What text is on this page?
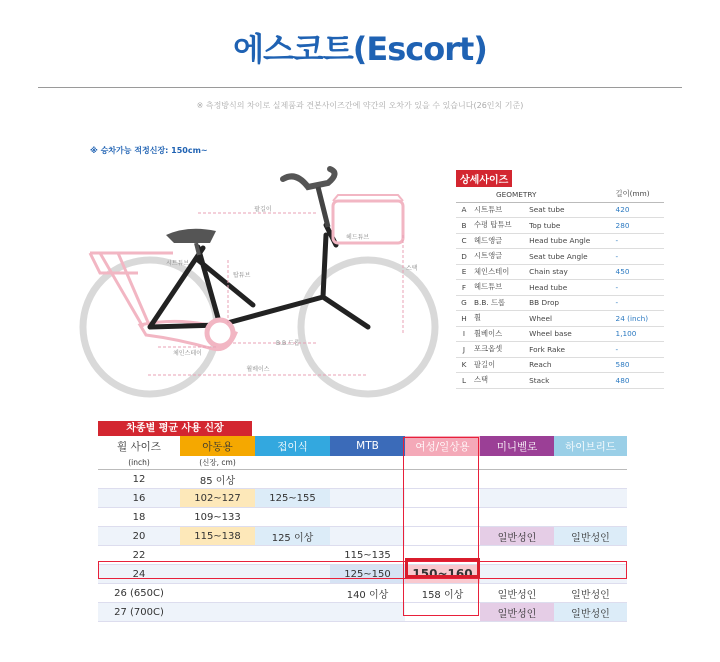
에스코트(Escort)
※ 측정방식의 차이로 실제품과 견본사이즈간에 약간의 오차가 있을 수 있습니다(26인치 기준)
※ 승차가능 적정신장: 150cm~
팔길이
헤드튜브
시트튜브
탑튜브
스택
체인스테이
B.B.드롭
휠베이스
상세사이즈
	GEOMETRY		길이(mm)
A	시트튜브	Seat tube	420
B	수평 탑튜브	Top tube	280
C	헤드앵글	Head tube Angle	-
D	시트앵글	Seat tube Angle	-
E	체인스테이	Chain stay	450
F	헤드튜브	Head tube	-
G	B.B. 드롭	BB Drop	-
H	휠	Wheel	24 (inch)
I	휠베이스	Wheel base	1,100
J	포크옵셋	Fork Rake	-
K	팔길이	Reach	580
L	스택	Stack	480
차종별 평균 사용 신장
휠 사이즈	아동용	접이식	MTB	여성/일상용	미니벨로	하이브리드
(inch)	(신장, cm)					
12	85 이상					
16	102~127	125~155				
18	109~133					
20	115~138	125 이상			일반성인	일반성인
22			115~135			
24			125~150	150~160		
26 (650C)			140 이상	158 이상	일반성인	일반성인
27 (700C)					일반성인	일반성인
